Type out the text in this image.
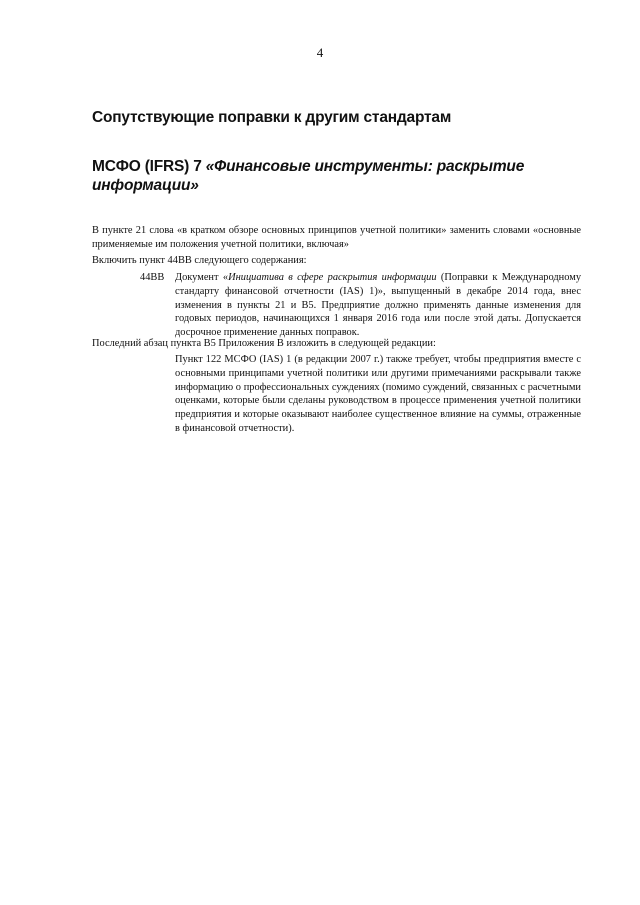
4
Сопутствующие поправки к другим стандартам
МСФО (IFRS) 7 «Финансовые инструменты: раскрытие информации»
В пункте 21 слова «в кратком обзоре основных принципов учетной политики» заменить словами «основные применяемые им положения учетной политики, включая»
Включить пункт 44ВВ следующего содержания:
44ВВ	Документ «Инициатива в сфере раскрытия информации (Поправки к Международному стандарту финансовой отчетности (IAS) 1)», выпущенный в декабре 2014 года, внес изменения в пункты 21 и В5. Предприятие должно применять данные изменения для годовых периодов, начинающихся 1 января 2016 года или после этой даты. Допускается досрочное применение данных поправок.
Последний абзац пункта В5 Приложения В изложить в следующей редакции:
Пункт 122 МСФО (IAS) 1 (в редакции 2007 г.) также требует, чтобы предприятия вместе с основными принципами учетной политики или другими примечаниями раскрывали также информацию о профессиональных суждениях (помимо суждений, связанных с расчетными оценками, которые были сделаны руководством в процессе применения учетной политики предприятия и которые оказывают наиболее существенное влияние на суммы, отраженные в финансовой отчетности).
